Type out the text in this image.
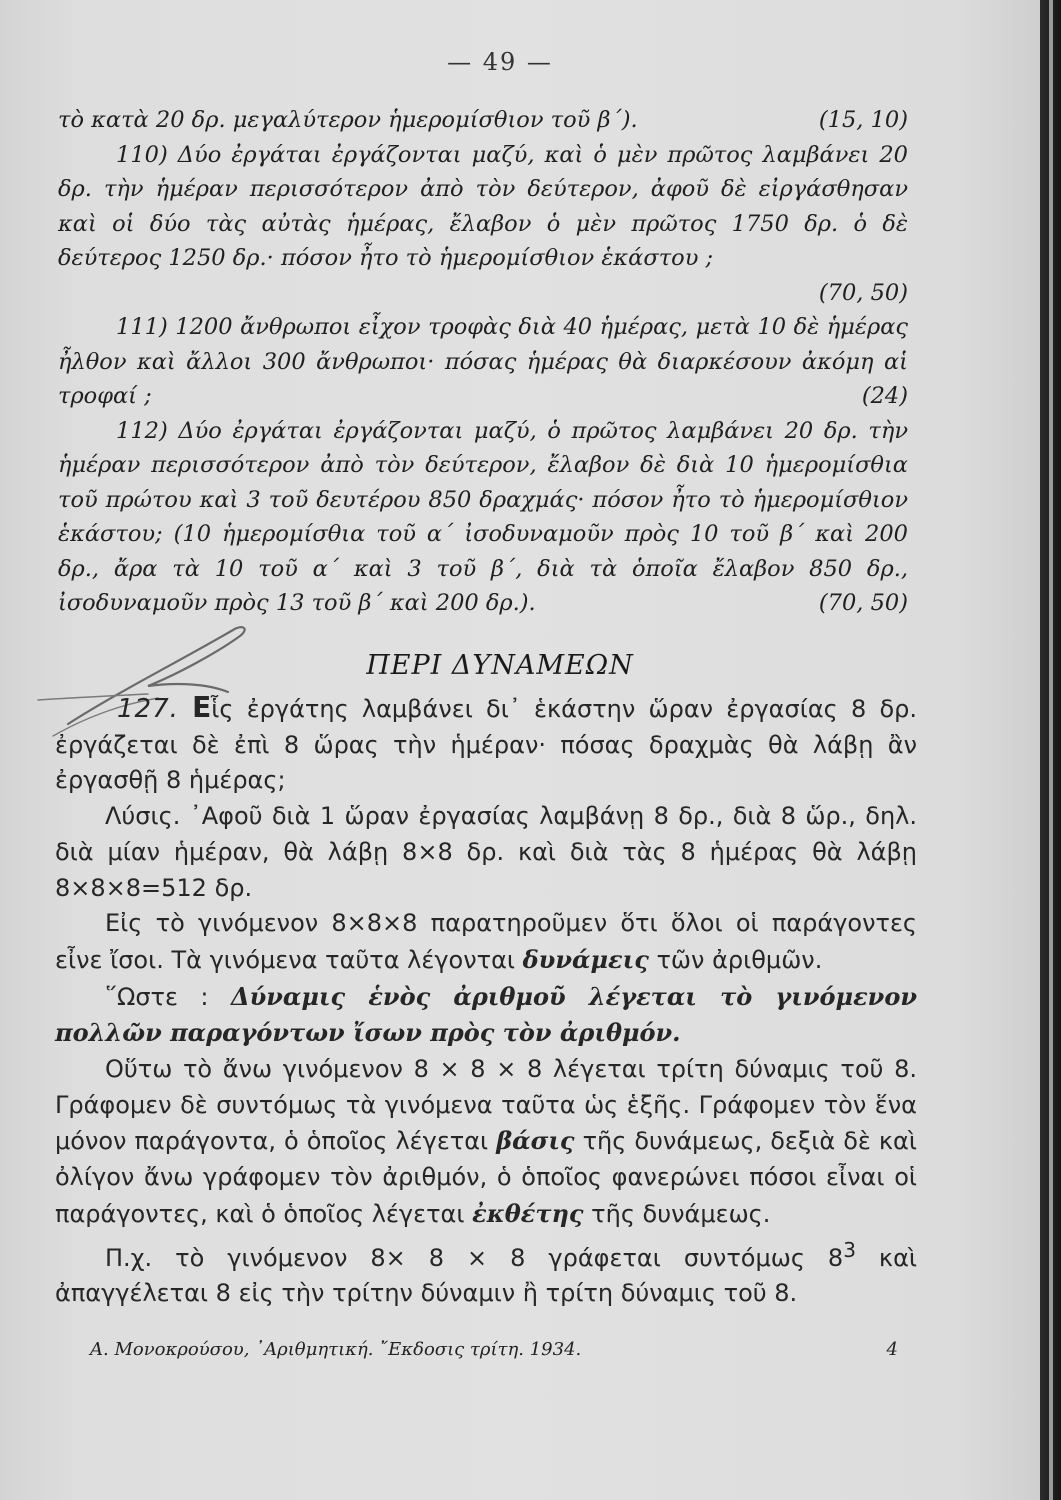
— 49 —

τὸ κατὰ 20 δρ. μεγαλύτερον ἡμερομίσθιον τοῦ β΄).	(15, 10)

110) Δύο ἐργάται ἐργάζονται μαζύ, καὶ ὁ μὲν πρῶτος λαμβάνει 20 δρ. τὴν ἡμέραν περισσότερον ἀπὸ τὸν δεύτερον, ἀφοῦ δὲ εἰργάσθησαν καὶ οἱ δύο τὰς αὐτὰς ἡμέρας, ἔλαβον ὁ μὲν πρῶτος 1750 δρ. ὁ δὲ δεύτερος 1250 δρ.· πόσον ἦτο τὸ ἡμερομίσθιον ἑκάστου ;

(70, 50)

111) 1200 ἄνθρωποι εἶχον τροφὰς διὰ 40 ἡμέρας, μετὰ 10 δὲ ἡμέρας ἦλθον καὶ ἄλλοι 300 ἄνθρωποι· πόσας ἡμέρας θὰ διαρκέσουν ἀκόμη αἱ τροφαί ;	(24)

112) Δύο ἐργάται ἐργάζονται μαζύ, ὁ πρῶτος λαμβάνει 20 δρ. τὴν ἡμέραν περισσότερον ἀπὸ τὸν δεύτερον, ἔλαβον δὲ διὰ 10 ἡμερομίσθια τοῦ πρώτου καὶ 3 τοῦ δευτέρου 850 δραχμάς· πόσον ἦτο τὸ ἡμερομίσθιον ἑκάστου; (10 ἡμερομίσθια τοῦ α΄ ἰσοδυναμοῦν πρὸς 10 τοῦ β΄ καὶ 200 δρ., ἄρα τὰ 10 τοῦ α΄ καὶ 3 τοῦ β΄, διὰ τὰ ὁποῖα ἔλαβον 850 δρ., ἰσοδυναμοῦν πρὸς 13 τοῦ β΄ καὶ 200 δρ.).	(70, 50)

ΠΕΡΙ ΔΥΝΑΜΕΩΝ

127. Εἷς ἐργάτης λαμβάνει δι᾽ ἑκάστην ὥραν ἐργασίας 8 δρ. ἐργάζεται δὲ ἐπὶ 8 ὥρας τὴν ἡμέραν· πόσας δραχμὰς θὰ λάβῃ ἂν ἐργασθῇ 8 ἡμέρας;

Λύσις. ᾽Αφοῦ διὰ 1 ὥραν ἐργασίας λαμβάνῃ 8 δρ., διὰ 8 ὥρ., δηλ. διὰ μίαν ἡμέραν, θὰ λάβῃ 8×8 δρ. καὶ διὰ τὰς 8 ἡμέρας θὰ λάβῃ 8×8×8=512 δρ.

Εἰς τὸ γινόμενον 8×8×8 παρατηροῦμεν ὅτι ὅλοι οἱ παράγοντες εἶνε ἴσοι. Τὰ γινόμενα ταῦτα λέγονται δυνάμεις τῶν ἀριθμῶν.

῞Ωστε : Δύναμις ἑνὸς ἀριθμοῦ λέγεται τὸ γινόμενον πολλῶν παραγόντων ἴσων πρὸς τὸν ἀριθμόν.

Οὕτω τὸ ἄνω γινόμενον 8 × 8 × 8 λέγεται τρίτη δύναμις τοῦ 8. Γράφομεν δὲ συντόμως τὰ γινόμενα ταῦτα ὡς ἑξῆς. Γράφομεν τὸν ἕνα μόνον παράγοντα, ὁ ὁποῖος λέγεται βάσις τῆς δυνάμεως, δεξιὰ δὲ καὶ ὀλίγον ἄνω γράφομεν τὸν ἀριθμόν, ὁ ὁποῖος φανερώνει πόσοι εἶναι οἱ παράγοντες, καὶ ὁ ὁποῖος λέγεται ἐκθέτης τῆς δυνάμεως.

Π.χ. τὸ γινόμενον 8× 8 × 8 γράφεται συντόμως $8^3$ καὶ ἀπαγγέλεται 8 εἰς τὴν τρίτην δύναμιν ἢ τρίτη δύναμις τοῦ 8.

Α. Μονοκρούσου, ᾽Αριθμητική. ῎Εκδοσις τρίτη. 1934.	4
